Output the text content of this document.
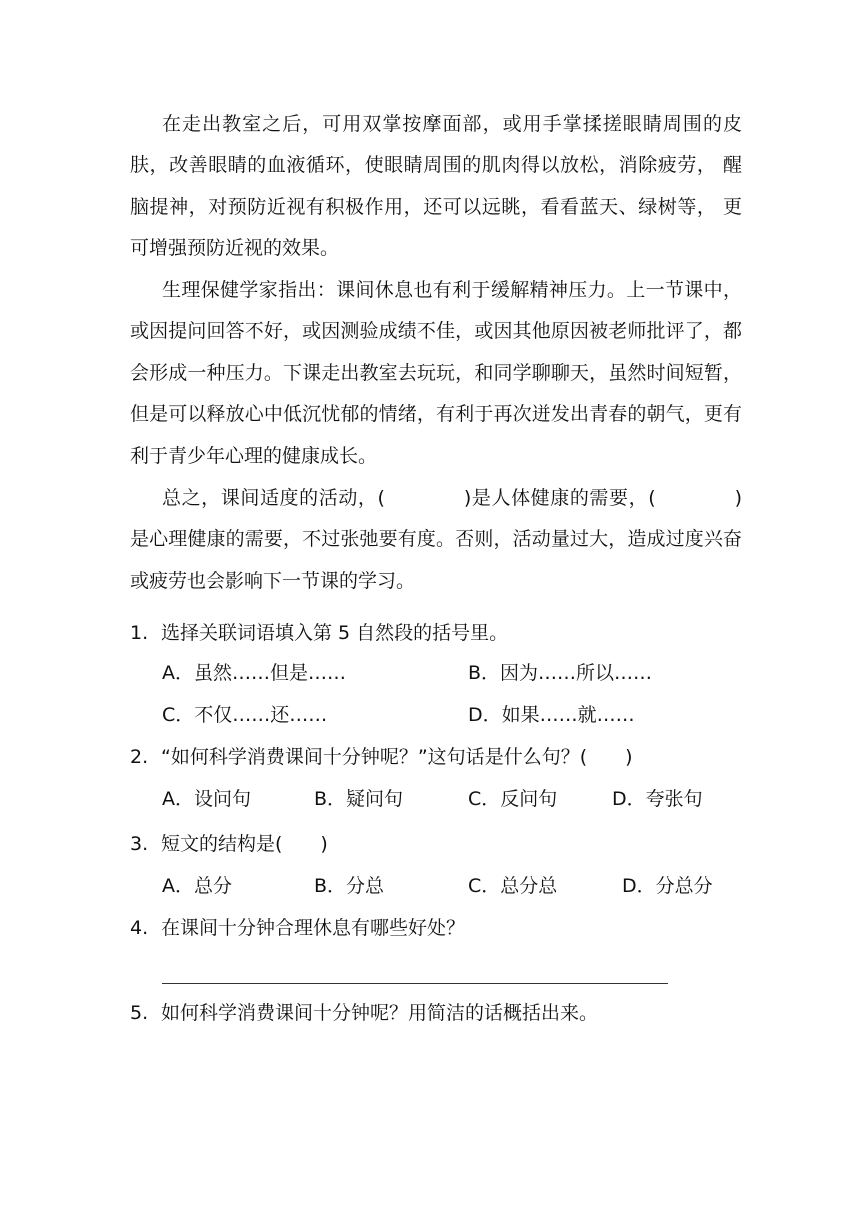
在走出教室之后，可用双掌按摩面部，或用手掌揉搓眼睛周围的皮肤，改善眼睛的血液循环，使眼睛周围的肌肉得以放松，消除疲劳， 醒脑提神，对预防近视有积极作用，还可以远眺，看看蓝天、绿树等， 更可增强预防近视的效果。

生理保健学家指出：课间休息也有利于缓解精神压力。上一节课中，或因提问回答不好，或因测验成绩不佳，或因其他原因被老师批评了，都会形成一种压力。下课走出教室去玩玩，和同学聊聊天，虽然时间短暂，但是可以释放心中低沉忧郁的情绪，有利于再次迸发出青春的朝气，更有利于青少年心理的健康成长。

总之，课间适度的活动，(　　　　)是人体健康的需要，(　　　　)是心理健康的需要，不过张弛要有度。否则，活动量过大，造成过度兴奋或疲劳也会影响下一节课的学习。

1. 选择关联词语填入第 5 自然段的括号里。
A．虽然……但是……	B．因为……所以……
C．不仅……还……	D．如果……就……
2. “如何科学消费课间十分钟呢？”这句话是什么句？(　　)
A．设问句	B．疑问句	C．反问句	D．夸张句
3. 短文的结构是(　　)
A．总分	B．分总	C．总分总	D．分总分
4. 在课间十分钟合理休息有哪些好处？
5. 如何科学消费课间十分钟呢？用简洁的话概括出来。
